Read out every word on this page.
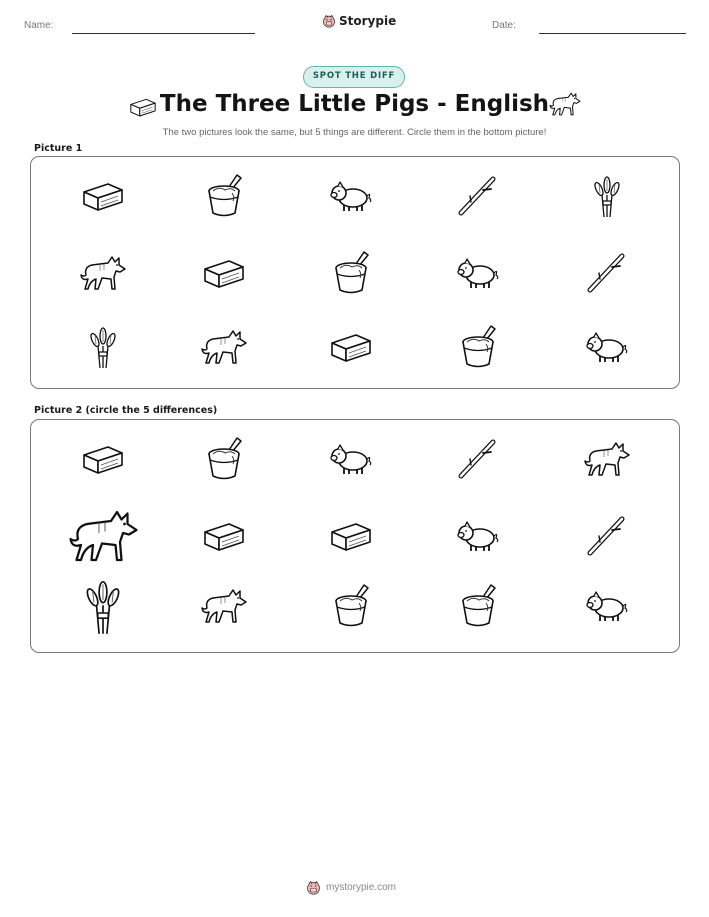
Name:	Storypie	Date:
SPOT THE DIFF
The Three Little Pigs - English
The two pictures look the same, but 5 things are different. Circle them in the bottom picture!
Picture 1
Picture 2 (circle the 5 differences)
mystorypie.com
